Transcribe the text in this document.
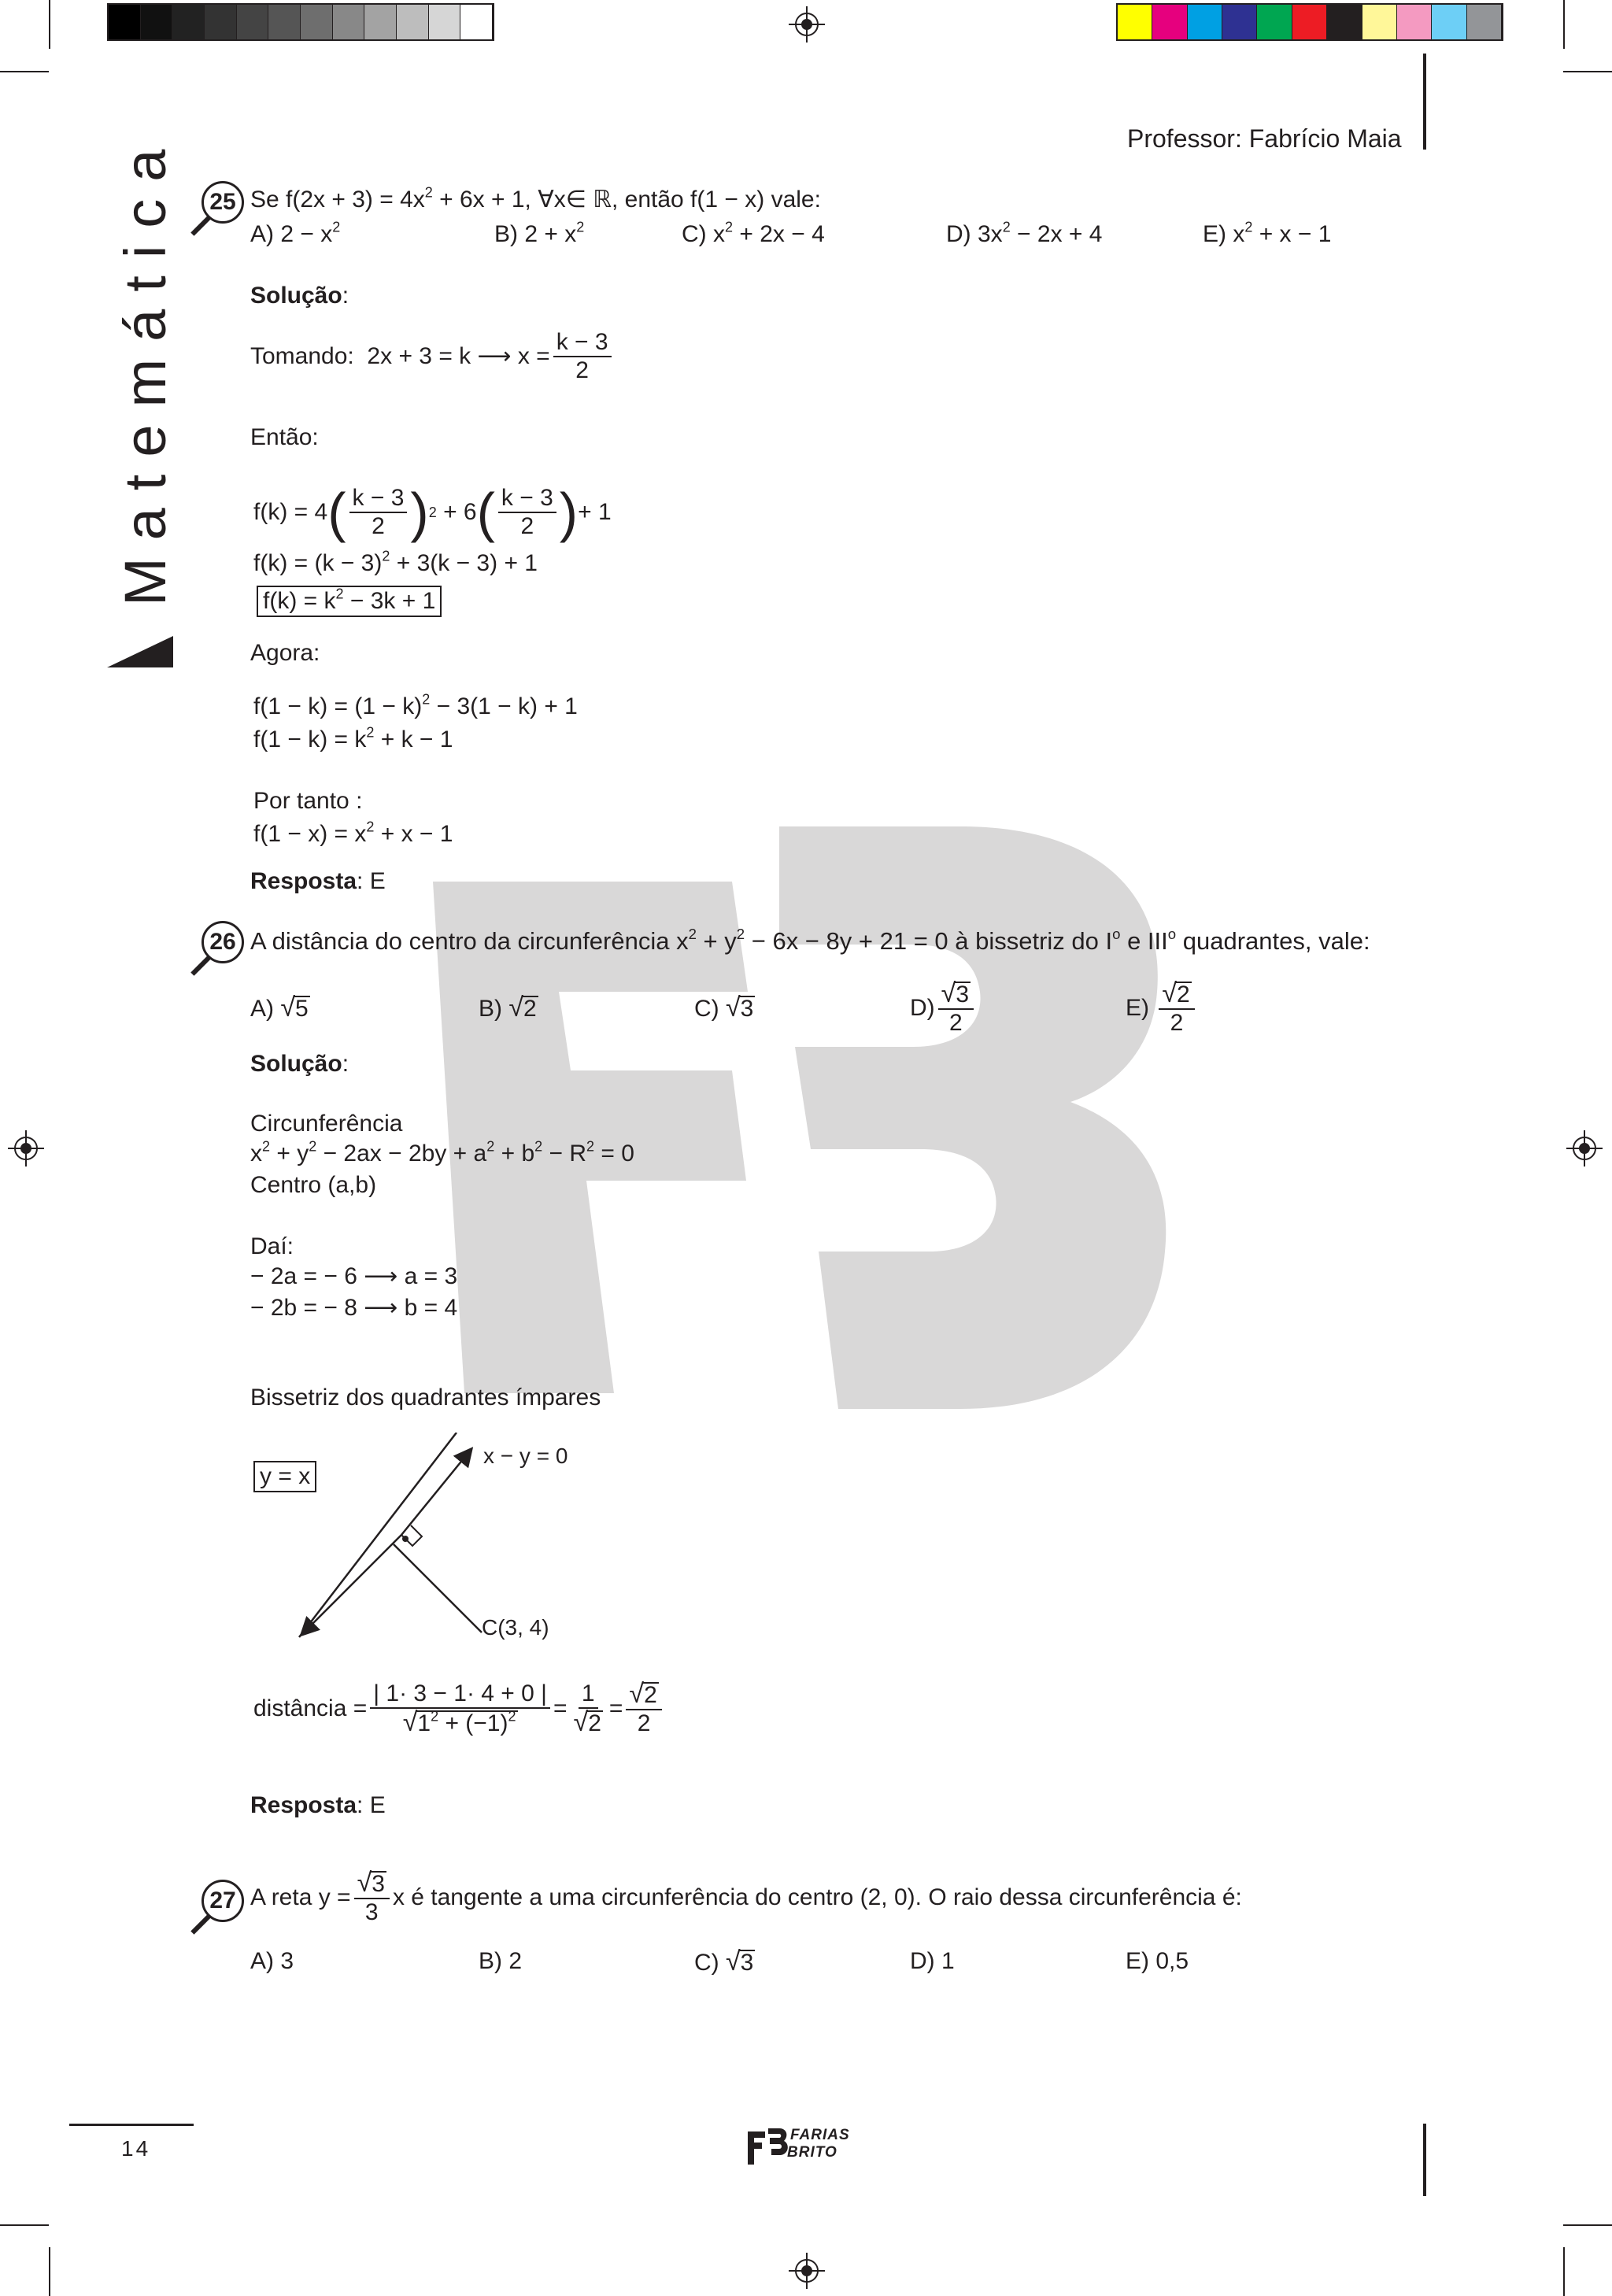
Professor: Fabrício Maia
Matemática	25 Se $f(2x + 3) = 4x^2 + 6x + 1$, ∀x∈ ℝ, então f(1 − x) vale:
A) $2 - x^2$	B) $2 + x^2$	C) $x^2 + 2x - 4$	D) $3x^2 - 2x + 4$	E) $x^2 + x - 1$
Solução:
Tomando:
2x + 3 = k ⟶ $x = \frac{k - 3}{2}$
Então:
f(k) = 4 ( $\frac{k - 3}{2}$ ) 2
+ 6 ( $\frac{k - 3}{2}$ ) + 1
$f(k) = (k - 3)^2 + 3(k - 3) + 1$
$f(k) = k^2 - 3k + 1$
Agora:
$f(1 - k) = (1 - k)^2 - 3(1 - k) + 1$
$f(1 - k) = k^2 + k - 1$
Por tanto :
$f(1 - x) = x^2 + x - 1$
Resposta: E
26 A distância do centro da circunferência $x^2 + y^2 - 6x - 8y + 21 = 0$ à bissetriz do $I^o$ e III$^o$ quadrantes, vale:
A) √5	B) √2	C) √3	$D) \frac{√3}{2}$	E)
$\frac{√2}{2}$
Solução:
Circunferência
$x^2 + y^2 - 2ax - 2by + a^2 + b^2 - R^2 = 0$
Centro (a,b)
Daí:
− 2a = − 6 ⟶ a = 3
− 2b = − 8 ⟶ b = 4
Bissetriz dos quadrantes ímpares
y = x
x − y = 0
C(3, 4)
distância = $\frac{| 1\cdot 3 - 1\cdot 4 + 0 |}{√1^2 + (-1)^2} = \frac{1}{√2} = \frac{√2}{2}$
Resposta: E
27 A reta $y = \frac{√3}{3}$ x é tangente a uma circunferência do centro (2, 0). O raio dessa circunferência é:
A) 3	B) 2	C) √3	D) 1	E) 0,5
14
FARIAS
BRITO
